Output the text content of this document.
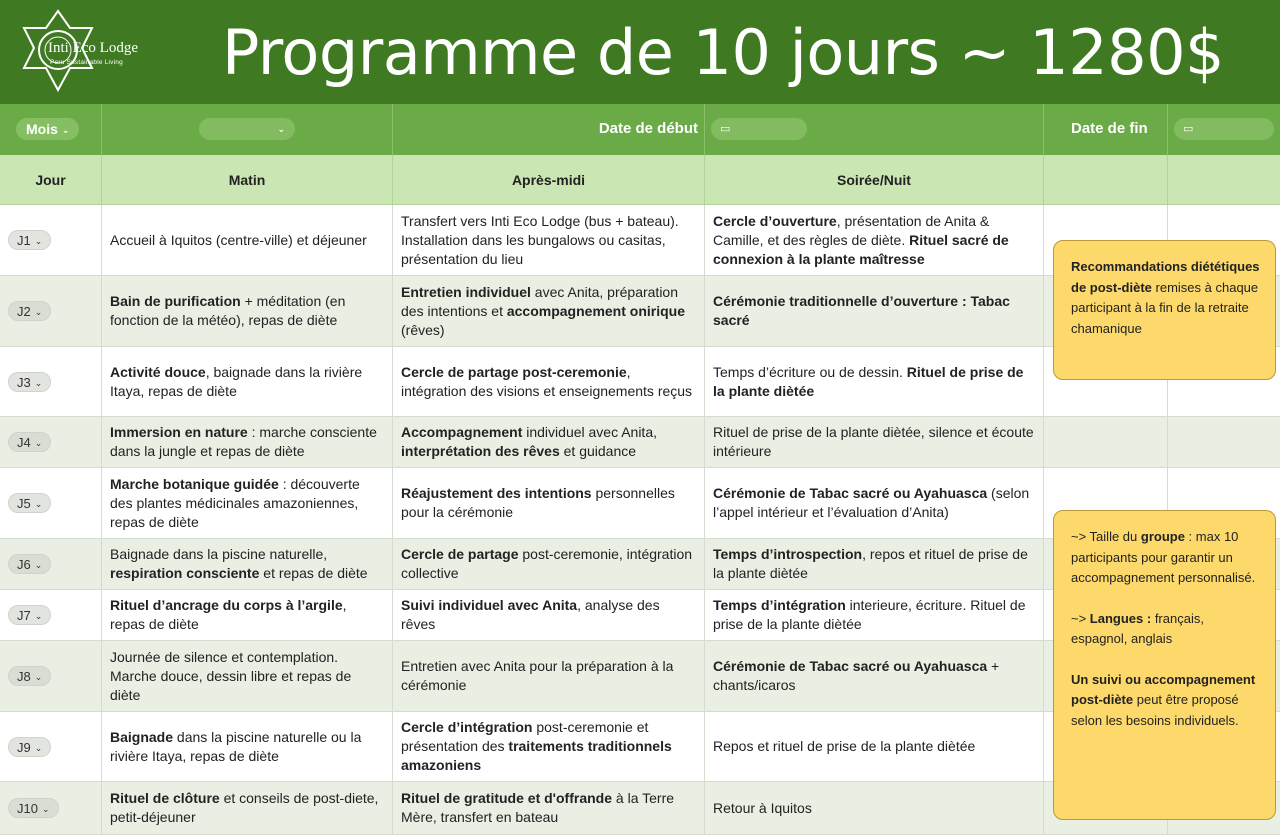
Inti Eco Lodge
Peru Sustainable Living Programme de 10 jours ~ 1280$
Mois ⌄	⌄	Date de début	▭	Date de fin	▭
Jour	Matin	Après-midi	Soirée/Nuit
J1 ⌄	Accueil à Iquitos (centre-ville) et déjeuner
Transfert vers Inti Eco Lodge (bus + bateau). Installation dans les bungalows ou casitas, présentation du lieu
Cercle d’ouverture, présentation de Anita & Camille, et des règles de diète. Rituel sacré de connexion à la plante maîtresse
J2 ⌄
Bain de purification + méditation (en fonction de la météo), repas de diète
Entretien individuel avec Anita, préparation des intentions et accompagnement onirique (rêves)
Cérémonie traditionnelle d’ouverture : Tabac sacré
J3 ⌄
Activité douce, baignade dans la rivière Itaya, repas de diète
Cercle de partage post-ceremonie, intégration des visions et enseignements reçus
Temps d’écriture ou de dessin. Rituel de prise de la plante diètée
J4 ⌄
Immersion en nature : marche consciente dans la jungle et repas de diète
Accompagnement individuel avec Anita, interprétation des rêves et guidance
Rituel de prise de la plante diètée, silence et écoute intérieure
J5 ⌄
Marche botanique guidée : découverte des plantes médicinales amazoniennes, repas de diète
Réajustement des intentions personnelles pour la cérémonie
Cérémonie de Tabac sacré ou Ayahuasca (selon l’appel intérieur et l’évaluation d’Anita)
J6 ⌄
Baignade dans la piscine naturelle, respiration consciente et repas de diète
Cercle de partage post-ceremonie, intégration collective
Temps d’introspection, repos et rituel de prise de la plante diètée
J7 ⌄
Rituel d’ancrage du corps à l’argile, repas de diète
Suivi individuel avec Anita, analyse des rêves
Temps d’intégration interieure, écriture. Rituel de prise de la plante diètée
J8 ⌄
Journée de silence et contemplation. Marche douce, dessin libre et repas de diète
Entretien avec Anita pour la préparation à la cérémonie
Cérémonie de Tabac sacré ou Ayahuasca + chants/icaros
J9 ⌄
Baignade dans la piscine naturelle ou la rivière Itaya, repas de diète
Cercle d’intégration post-ceremonie et présentation des traitements traditionnels amazoniens
Repos et rituel de prise de la plante diètée
J10 ⌄
Rituel de clôture et conseils de post-diete, petit-déjeuner
Rituel de gratitude et d'offrande à la Terre Mère, transfert en bateau
Retour à Iquitos

Recommandations diététiques de post-diète remises à chaque participant à la fin de la retraite chamanique

~> Taille du groupe : max 10 participants pour garantir un accompagnement personnalisé.

~> Langues : français, espagnol, anglais

Un suivi ou accompagnement post-diète peut être proposé selon les besoins individuels.
